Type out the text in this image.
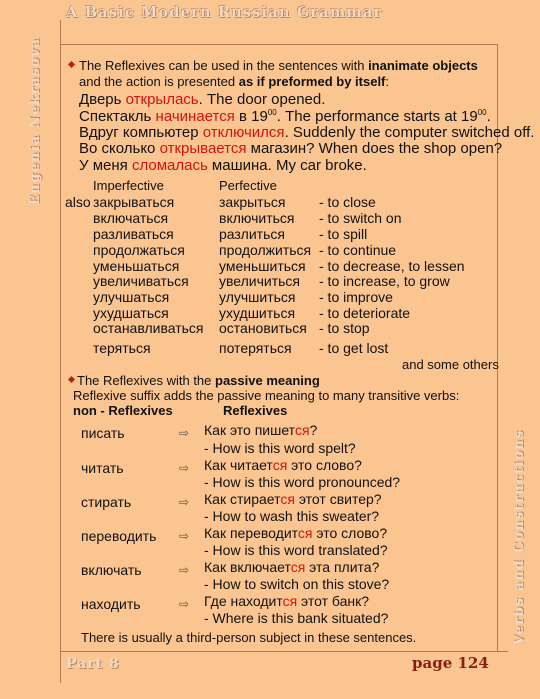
A Basic Modern Russian Grammar
Eugenia Nekrasova
Verbs and Constructions
Part 8	page 124
The Reflexives can be used in the sentences with inanimate objects
and the action is presented as if preformed by itself:
Дверь открылась. The door opened.
Спектакль начинается в $19^{00}$. The performance starts at $19^{00}$.
Вдруг компьютер отключился. Suddenly the computer switched off.
Во сколько открывается магазин? When does the shop open?
У меня сломалась машина. My car broke.
Imperfective	Perfective
also закрываться	закрыться - to close
включаться	включиться - to switch on
разливаться	разлиться - to spill
продолжаться продолжиться - to continue
уменьшаться	уменьшиться - to decrease, to lessen
увеличиваться увеличиться - to increase, to grow
улучшаться	улучшиться - to improve
ухудшаться	ухудшиться - to deteriorate
останавливаться остановиться - to stop
теряться	потеряться - to get lost
and some others
The Reflexives with the passive meaning
Reflexive suffix adds the passive meaning to many transitive verbs:
non - Reflexives	Reflexives
писать	⇨ Как это пишется?
- How is this word spelt?
читать	⇨ Как читается это слово?
- How is this word pronounced?
стирать	⇨ Как стирается этот свитер?
- How to wash this sweater?
переводить ⇨ Как переводится это слово?
- How is this word translated?
включать	⇨ Как включается эта плита?
- How to switch on this stove?
находить	⇨ Где находится этот банк?
- Where is this bank situated?
There is usually a third-person subject in these sentences.
